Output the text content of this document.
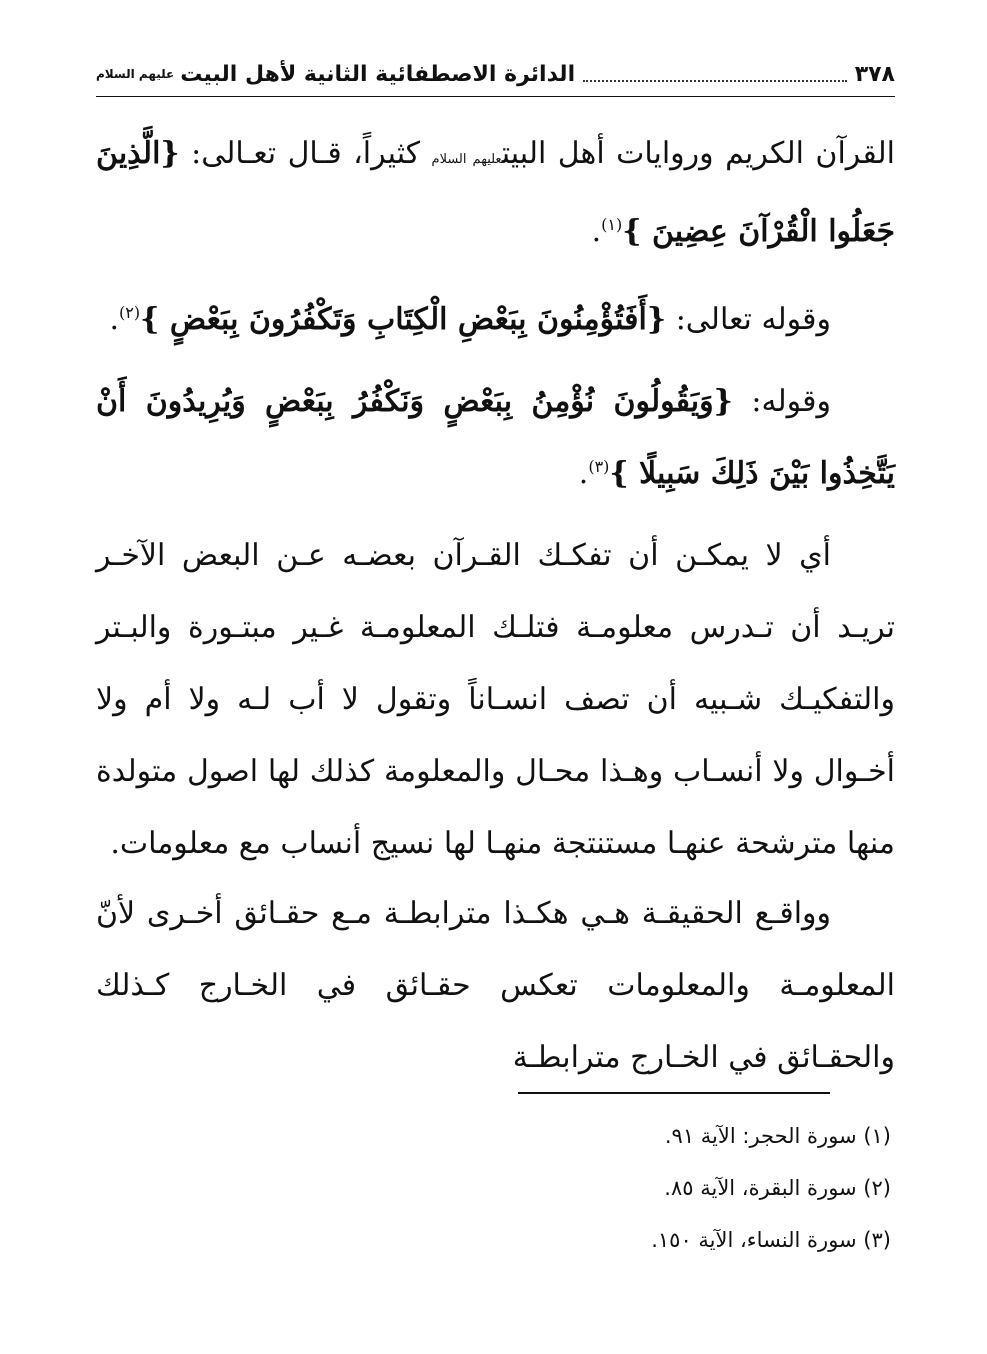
٣٧٨
الدائرة الاصطفائية الثانية لأهل البيت
عليهم السلام
القرآن الكريم وروايات أهل البيتعليهم السلام كثيراً، قـال تعـالى: {الَّذِينَ جَعَلُوا الْقُرْآنَ عِضِينَ }$^{(١)}$.
وقوله تعالى: {أَفَتُؤْمِنُونَ بِبَعْضِ الْكِتَابِ وَتَكْفُرُونَ بِبَعْضٍ }$^{(٢)}$.
وقوله: {وَيَقُولُونَ نُؤْمِنُ بِبَعْضٍ وَنَكْفُرُ بِبَعْضٍ وَيُرِيدُونَ أَنْ يَتَّخِذُوا بَيْنَ ذَلِكَ سَبِيلًا }$^{(٣)}$.
أي لا يمكـن أن تفكـك القـرآن بعضـه عـن البعض الآخـر تريـد أن تـدرس معلومـة فتلـك المعلومـة غـير مبتـورة والبـتر والتفكيـك شـبيه أن تصف انسـاناً وتقول لا أب لـه ولا أم ولا أخـوال ولا أنسـاب وهـذا محـال والمعلومة كذلك لها اصول متولدة منها مترشحة عنهـا مستنتجة منهـا لها نسيج أنساب مع معلومات.
وواقـع الحقيقـة هـي هكـذا مترابطـة مـع حقـائق أخـرى لأنّ المعلومـة والمعلومات تعكس حقـائق في الخـارج كـذلك والحقـائق في الخـارج مترابطـة
(١) سورة الحجر: الآية ٩١.
(٢) سورة البقرة، الآية ٨٥.
(٣) سورة النساء، الآية ١٥٠.
